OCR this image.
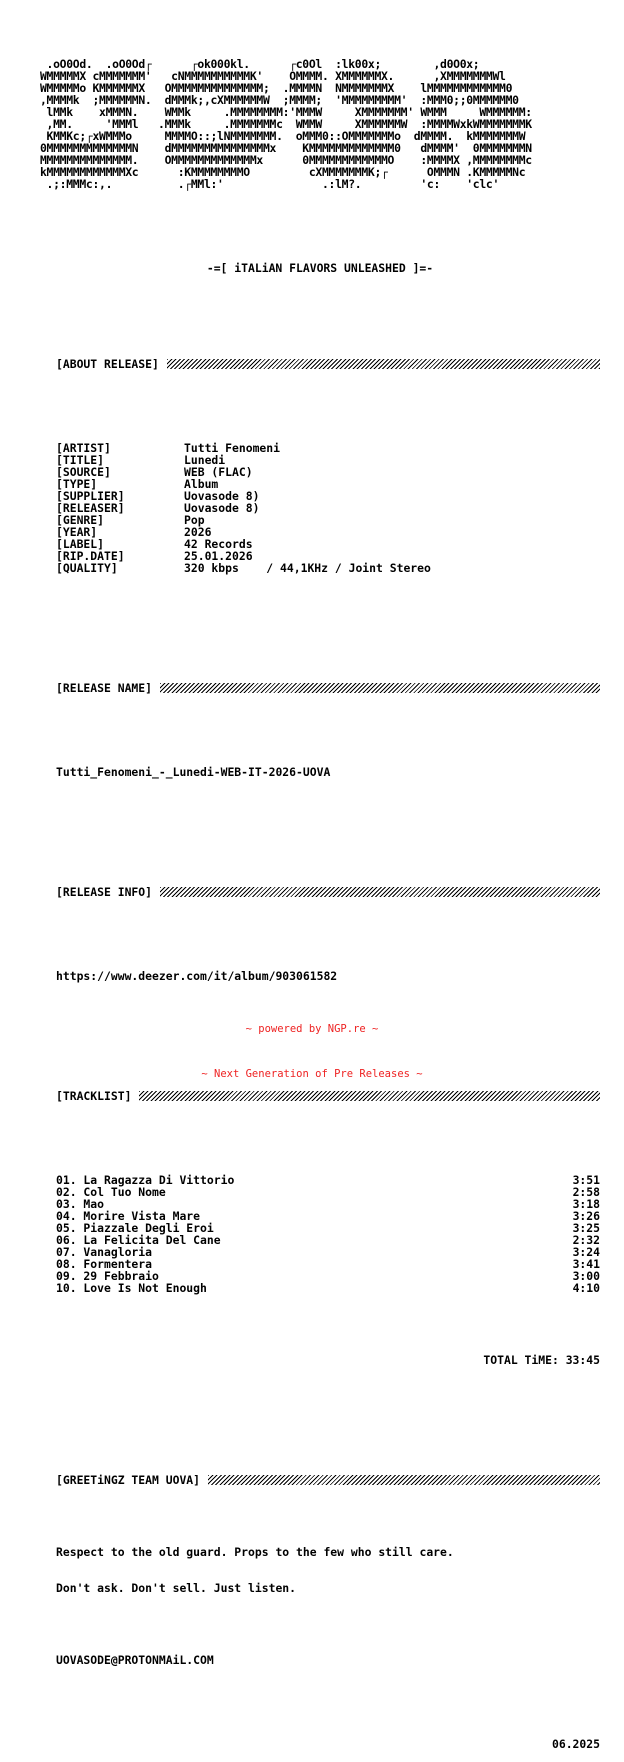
.oO0Od.  .oO0Od┌      ┌ok000kl.      ┌c0Ol  :lk00x;        ,d0O0x;
WMMMMMX cMMMMMMM'   cNMMMMMMMMMMK'    OMMMM. XMMMMMMX.      ,XMMMMMMMWl
WMMMMMo KMMMMMMX   OMMMMMMMMMMMMMM;  .MMMMN  NMMMMMMMX    lMMMMMMMMMMMM0
,MMMMk  ;MMMMMMN.  dMMMk;,cXMMMMMMW  ;MMMM;  'MMMMMMMMM'  :MMM0;;0MMMMMM0
lMMk    xMMMN.    WMMk     .MMMMMMMM:'MMMW     XMMMMMMM' WMMM     WMMMMMM:
,MM.     'MMMl   .MMMk     .MMMMMMMc  WMMW     XMMMMMMW  :MMMMWxkWMMMMMMMK
KMMKc;┌xWMMMo     MMMMO::;lNMMMMMMM.  oMMM0::OMMMMMMMo  dMMMM.  kMMMMMMMW
0MMMMMMMMMMMMMN    dMMMMMMMMMMMMMMMx    KMMMMMMMMMMMMM0   dMMMM'  0MMMMMMMN
MMMMMMMMMMMMMM.    OMMMMMMMMMMMMMx      0MMMMMMMMMMMMO    :MMMMX ,MMMMMMMMc
kMMMMMMMMMMMMXc      :KMMMMMMMMO         cXMMMMMMMK;┌      OMMMN .KMMMMMNc
.;:MMMc:,.          .┌MMl:'               .:lM?.         'c:    'clc'

-=[ iTALiAN FLAVORS UNLEASHED ]=-

[ABOUT RELEASE]

[ARTIST]	Tutti Fenomeni
[TITLE]	Lunedi
[SOURCE]	WEB (FLAC)
[TYPE]	Album
[SUPPLIER]	Uovasode 8)
[RELEASER]	Uovasode 8)
[GENRE]	Pop
[YEAR]	2026
[LABEL]	42 Records
[RIP.DATE]	25.01.2026
[QUALITY]	320 kbps    / 44,1KHz / Joint Stereo

[RELEASE NAME]

Tutti_Fenomeni_-_Lunedi-WEB-IT-2026-UOVA

[RELEASE INFO]

https://www.deezer.com/it/album/903061582

[TRACKLIST]

01. La Ragazza Di Vittorio	3:51
02. Col Tuo Nome	2:58
03. Mao	3:18
04. Morire Vista Mare	3:26
05. Piazzale Degli Eroi	3:25
06. La Felicita Del Cane	2:32
07. Vanagloria	3:24
08. Formentera	3:41
09. 29 Febbraio	3:00
10. Love Is Not Enough	4:10

TOTAL TiME: 33:45

[GREETiNGZ TEAM UOVA]

Respect to the old guard. Props to the few who still care.

Don't ask. Don't sell. Just listen.

UOVASODE@PROTONMAiL.COM

06.2025

~ powered by NGP.re ~

~ Next Generation of Pre Releases ~
